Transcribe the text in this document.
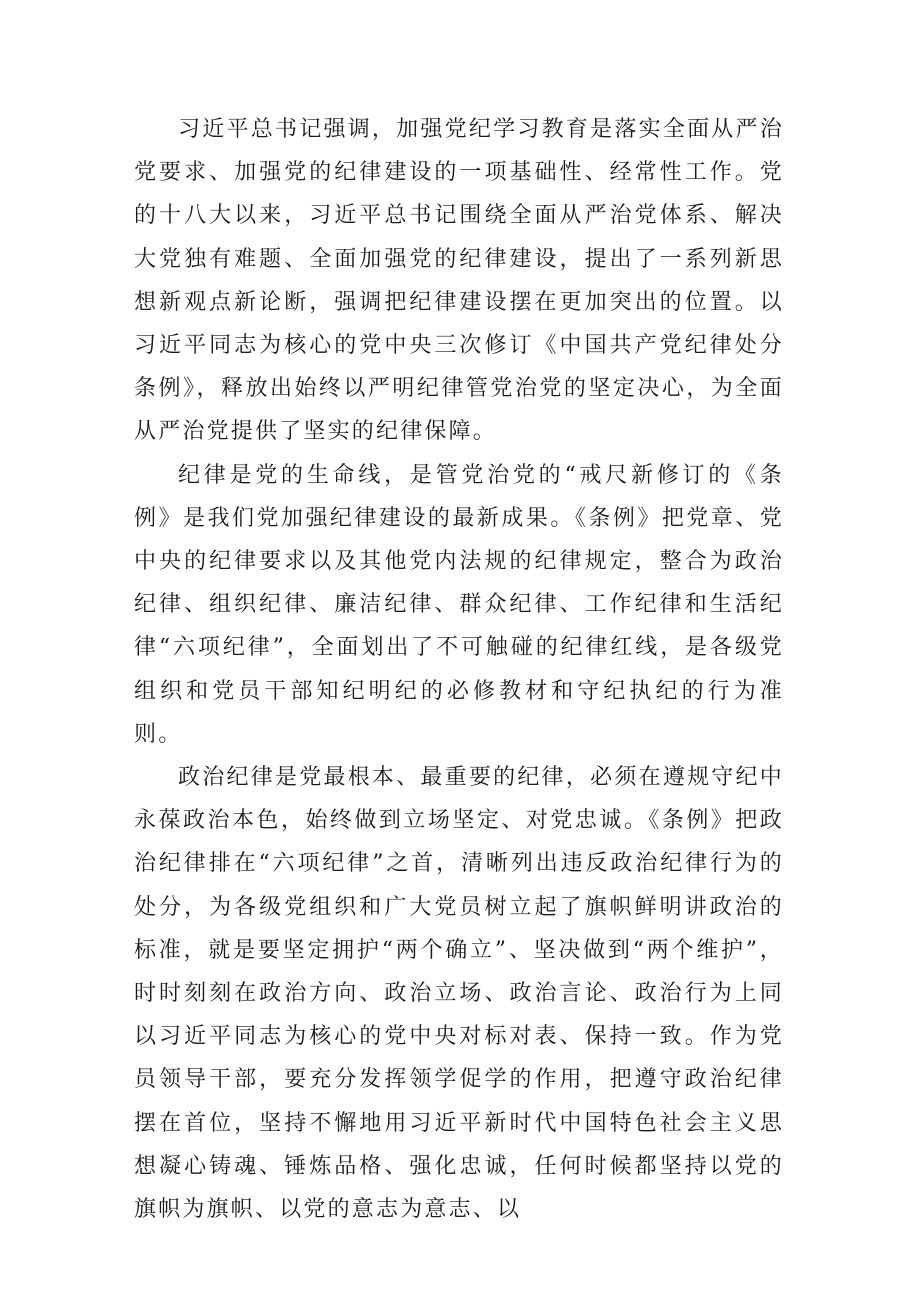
习近平总书记强调，加强党纪学习教育是落实全面从严治党要求、加强党的纪律建设的一项基础性、经常性工作。党的十八大以来，习近平总书记围绕全面从严治党体系、解决大党独有难题、全面加强党的纪律建设，提出了一系列新思想新观点新论断，强调把纪律建设摆在更加突出的位置。以习近平同志为核心的党中央三次修订《中国共产党纪律处分条例》，释放出始终以严明纪律管党治党的坚定决心，为全面从严治党提供了坚实的纪律保障。

纪律是党的生命线，是管党治党的“戒尺新修订的《条例》是我们党加强纪律建设的最新成果。《条例》把党章、党中央的纪律要求以及其他党内法规的纪律规定，整合为政治纪律、组织纪律、廉洁纪律、群众纪律、工作纪律和生活纪律“六项纪律”，全面划出了不可触碰的纪律红线，是各级党组织和党员干部知纪明纪的必修教材和守纪执纪的行为准则。

政治纪律是党最根本、最重要的纪律，必须在遵规守纪中永葆政治本色，始终做到立场坚定、对党忠诚。《条例》把政治纪律排在“六项纪律”之首，清晰列出违反政治纪律行为的处分，为各级党组织和广大党员树立起了旗帜鲜明讲政治的标准，就是要坚定拥护“两个确立”、坚决做到“两个维护”，时时刻刻在政治方向、政治立场、政治言论、政治行为上同以习近平同志为核心的党中央对标对表、保持一致。作为党员领导干部，要充分发挥领学促学的作用，把遵守政治纪律摆在首位，坚持不懈地用习近平新时代中国特色社会主义思想凝心铸魂、锤炼品格、强化忠诚，任何时候都坚持以党的旗帜为旗帜、以党的意志为意志、以
